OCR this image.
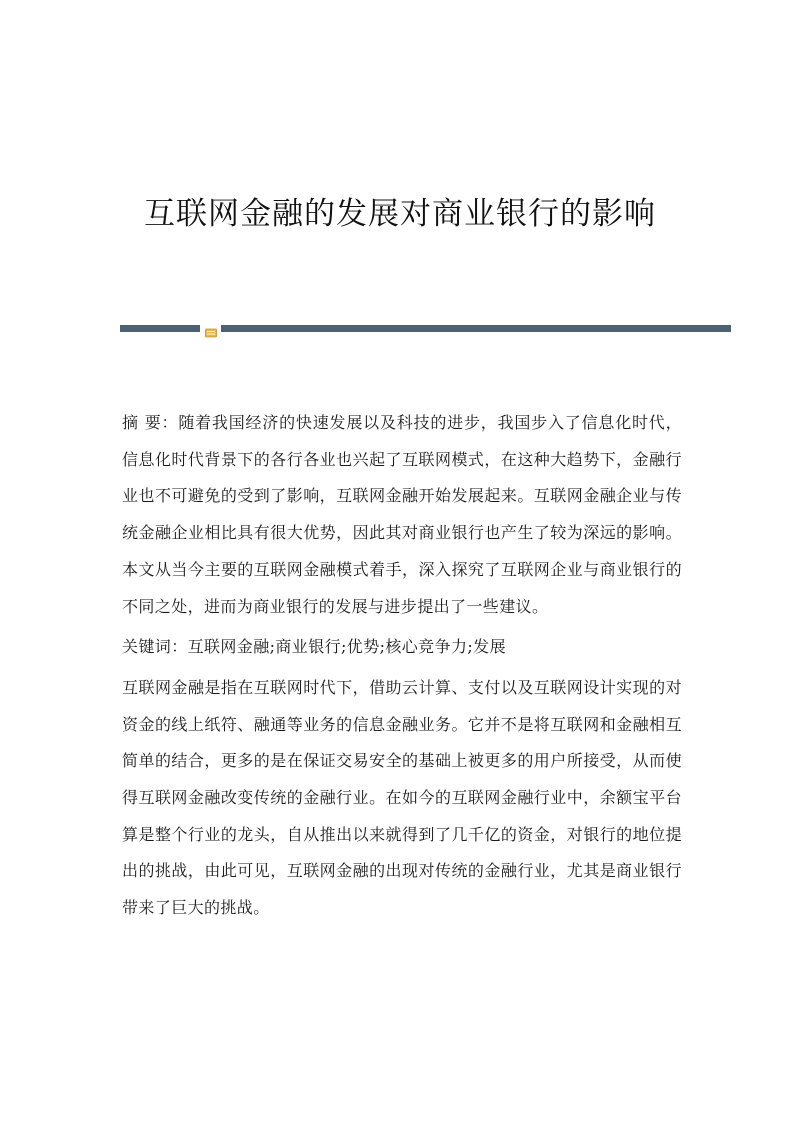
互联网金融的发展对商业银行的影响

摘 要：随着我国经济的快速发展以及科技的进步，我国步入了信息化时代，信息化时代背景下的各行各业也兴起了互联网模式，在这种大趋势下，金融行业也不可避免的受到了影响，互联网金融开始发展起来。互联网金融企业与传统金融企业相比具有很大优势，因此其对商业银行也产生了较为深远的影响。本文从当今主要的互联网金融模式着手，深入探究了互联网企业与商业银行的不同之处，进而为商业银行的发展与进步提出了一些建议。

关键词：互联网金融;商业银行;优势;核心竞争力;发展

互联网金融是指在互联网时代下，借助云计算、支付以及互联网设计实现的对资金的线上纸符、融通等业务的信息金融业务。它并不是将互联网和金融相互简单的结合，更多的是在保证交易安全的基础上被更多的用户所接受，从而使得互联网金融改变传统的金融行业。在如今的互联网金融行业中，余额宝平台算是整个行业的龙头，自从推出以来就得到了几千亿的资金，对银行的地位提出的挑战，由此可见，互联网金融的出现对传统的金融行业，尤其是商业银行带来了巨大的挑战。
